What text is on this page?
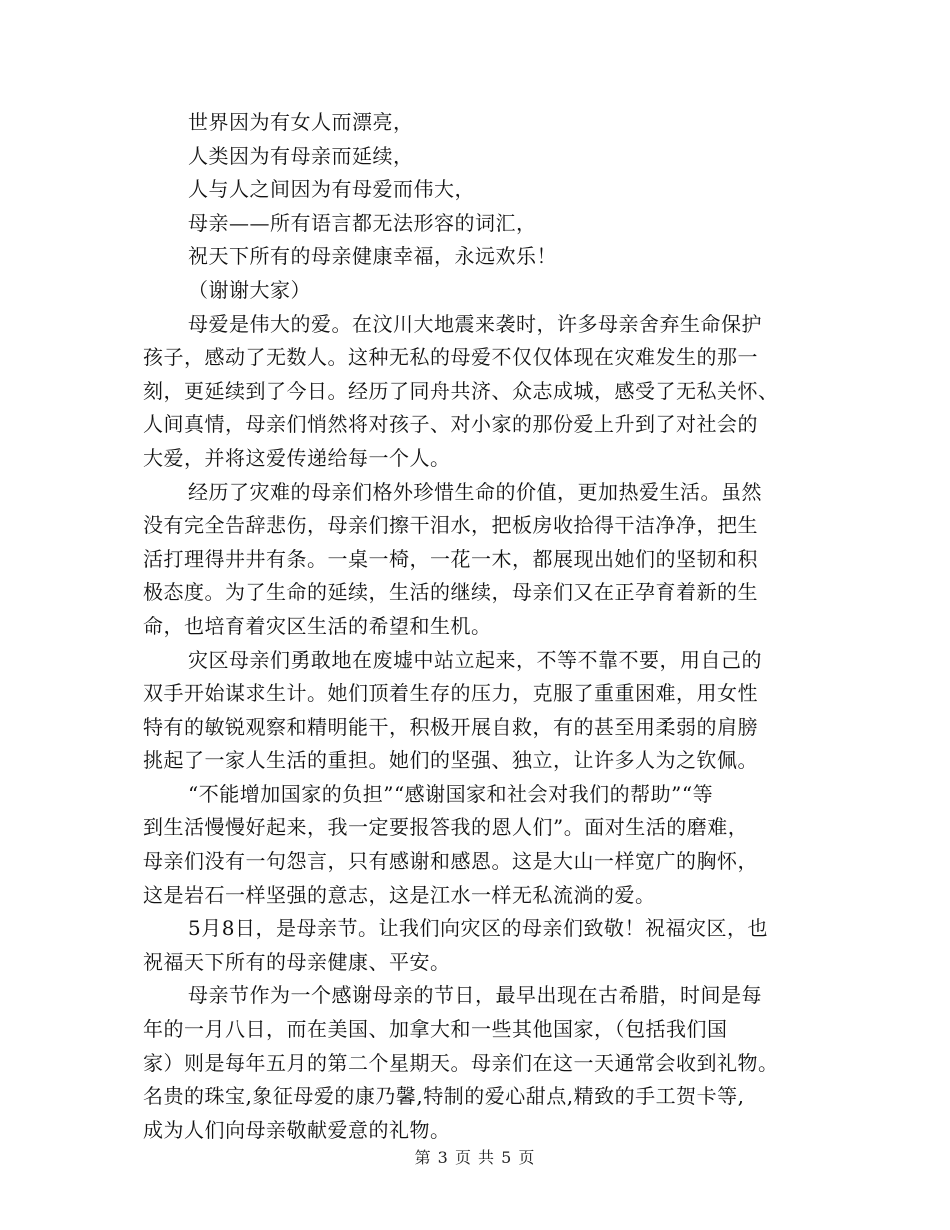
世界因为有女人而漂亮，

人类因为有母亲而延续，

人与人之间因为有母爱而伟大，

母亲——所有语言都无法形容的词汇，

祝天下所有的母亲健康幸福，永远欢乐！

（谢谢大家）

母爱是伟大的爱。在汶川大地震来袭时，许多母亲舍弃生命保护

孩子，感动了无数人。这种无私的母爱不仅仅体现在灾难发生的那一

刻，更延续到了今日。经历了同舟共济、众志成城，感受了无私关怀、

人间真情，母亲们悄然将对孩子、对小家的那份爱上升到了对社会的

大爱，并将这爱传递给每一个人。

经历了灾难的母亲们格外珍惜生命的价值，更加热爱生活。虽然

没有完全告辞悲伤，母亲们擦干泪水，把板房收拾得干洁净净，把生

活打理得井井有条。一桌一椅，一花一木，都展现出她们的坚韧和积

极态度。为了生命的延续，生活的继续，母亲们又在正孕育着新的生

命，也培育着灾区生活的希望和生机。

灾区母亲们勇敢地在废墟中站立起来，不等不靠不要，用自己的

双手开始谋求生计。她们顶着生存的压力，克服了重重困难，用女性

特有的敏锐观察和精明能干，积极开展自救，有的甚至用柔弱的肩膀

挑起了一家人生活的重担。她们的坚强、独立，让许多人为之钦佩。

“不能增加国家的负担”“感谢国家和社会对我们的帮助”“等

到生活慢慢好起来，我一定要报答我的恩人们”。面对生活的磨难，

母亲们没有一句怨言，只有感谢和感恩。这是大山一样宽广的胸怀，

这是岩石一样坚强的意志，这是江水一样无私流淌的爱。

5月8日，是母亲节。让我们向灾区的母亲们致敬！祝福灾区，也

祝福天下所有的母亲健康、平安。

母亲节作为一个感谢母亲的节日，最早出现在古希腊，时间是每

年的一月八日，而在美国、加拿大和一些其他国家，（包括我们国

家）则是每年五月的第二个星期天。母亲们在这一天通常会收到礼物。

名贵的珠宝,象征母爱的康乃馨,特制的爱心甜点,精致的手工贺卡等,

成为人们向母亲敬献爱意的礼物。

第 3 页 共 5 页
